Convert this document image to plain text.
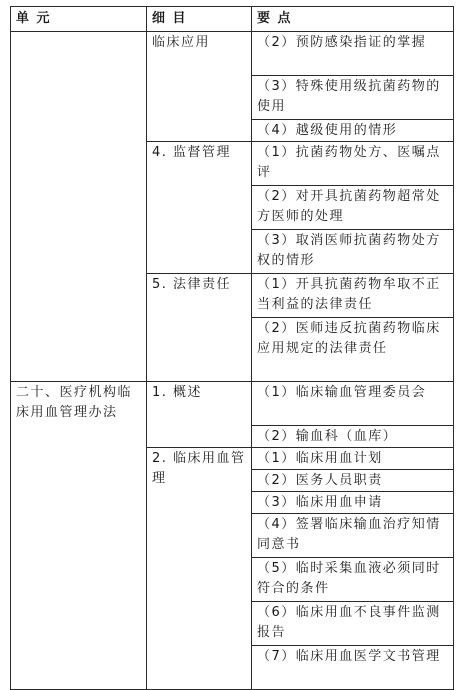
单 元	细 目	要 点
	临床应用	（2）预防感染指证的掌握
		（3）特殊使用级抗菌药物的使用
		（4）越级使用的情形
	4. 监督管理	（1）抗菌药物处方、医嘱点评
		（2）对开具抗菌药物超常处方医师的处理
		（3）取消医师抗菌药物处方权的情形
	5. 法律责任	（1）开具抗菌药物牟取不正当利益的法律责任
		（2）医师违反抗菌药物临床应用规定的法律责任
二十、医疗机构临床用血管理办法	1. 概述	（1）临床输血管理委员会
		（2）输血科（血库）
	2. 临床用血管理	（1）临床用血计划
		（2）医务人员职责
		（3）临床用血申请
		（4）签署临床输血治疗知情同意书
		（5）临时采集血液必须同时符合的条件
		（6）临床用血不良事件监测报告
		（7）临床用血医学文书管理
